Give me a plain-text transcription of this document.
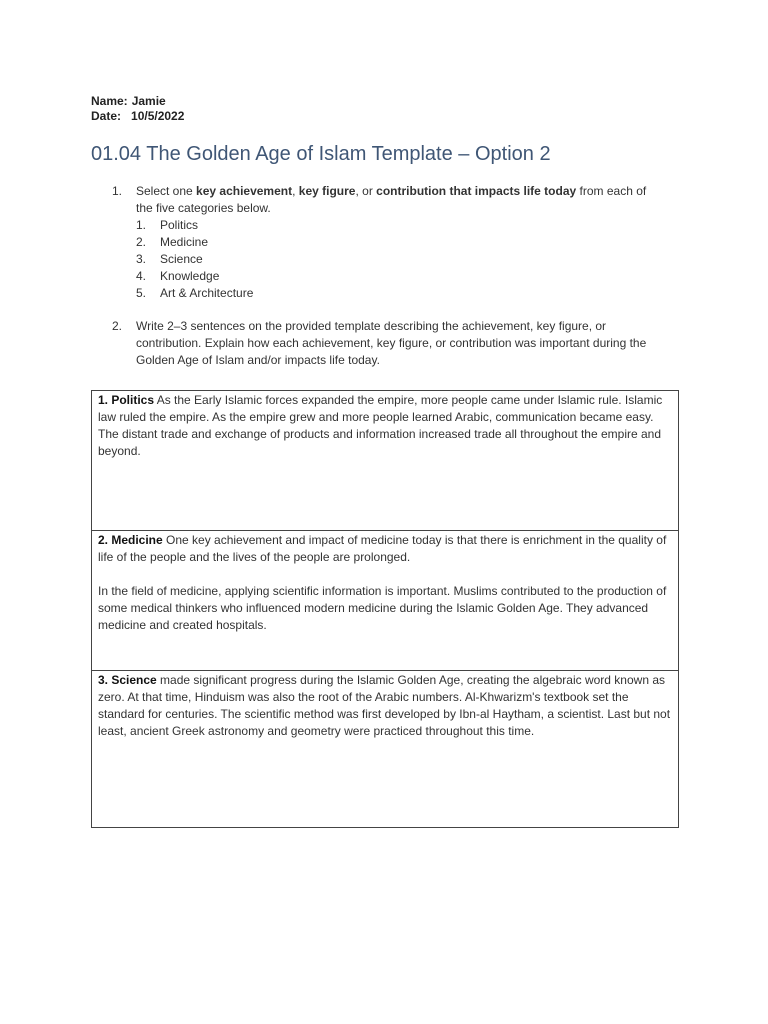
Name: Jamie
Date: 10/5/2022
01.04 The Golden Age of Islam Template – Option 2
1.	Select one key achievement, key figure, or contribution that impacts life today from each of the five categories below.
1.	Politics
2.	Medicine
3.	Science
4.	Knowledge
5.	Art & Architecture
2.	Write 2–3 sentences on the provided template describing the achievement, key figure, or contribution. Explain how each achievement, key figure, or contribution was important during the Golden Age of Islam and/or impacts life today.

1. Politics As the Early Islamic forces expanded the empire, more people came under Islamic rule. Islamic law ruled the empire. As the empire grew and more people learned Arabic, communication became easy. The distant trade and exchange of products and information increased trade all throughout the empire and beyond.

2. Medicine One key achievement and impact of medicine today is that there is enrichment in the quality of life of the people and the lives of the people are prolonged.

In the field of medicine, applying scientific information is important. Muslims contributed to the production of some medical thinkers who influenced modern medicine during the Islamic Golden Age. They advanced medicine and created hospitals.

3. Science made significant progress during the Islamic Golden Age, creating the algebraic word known as zero. At that time, Hinduism was also the root of the Arabic numbers. Al-Khwarizm's textbook set the standard for centuries. The scientific method was first developed by Ibn-al Haytham, a scientist. Last but not least, ancient Greek astronomy and geometry were practiced throughout this time.
